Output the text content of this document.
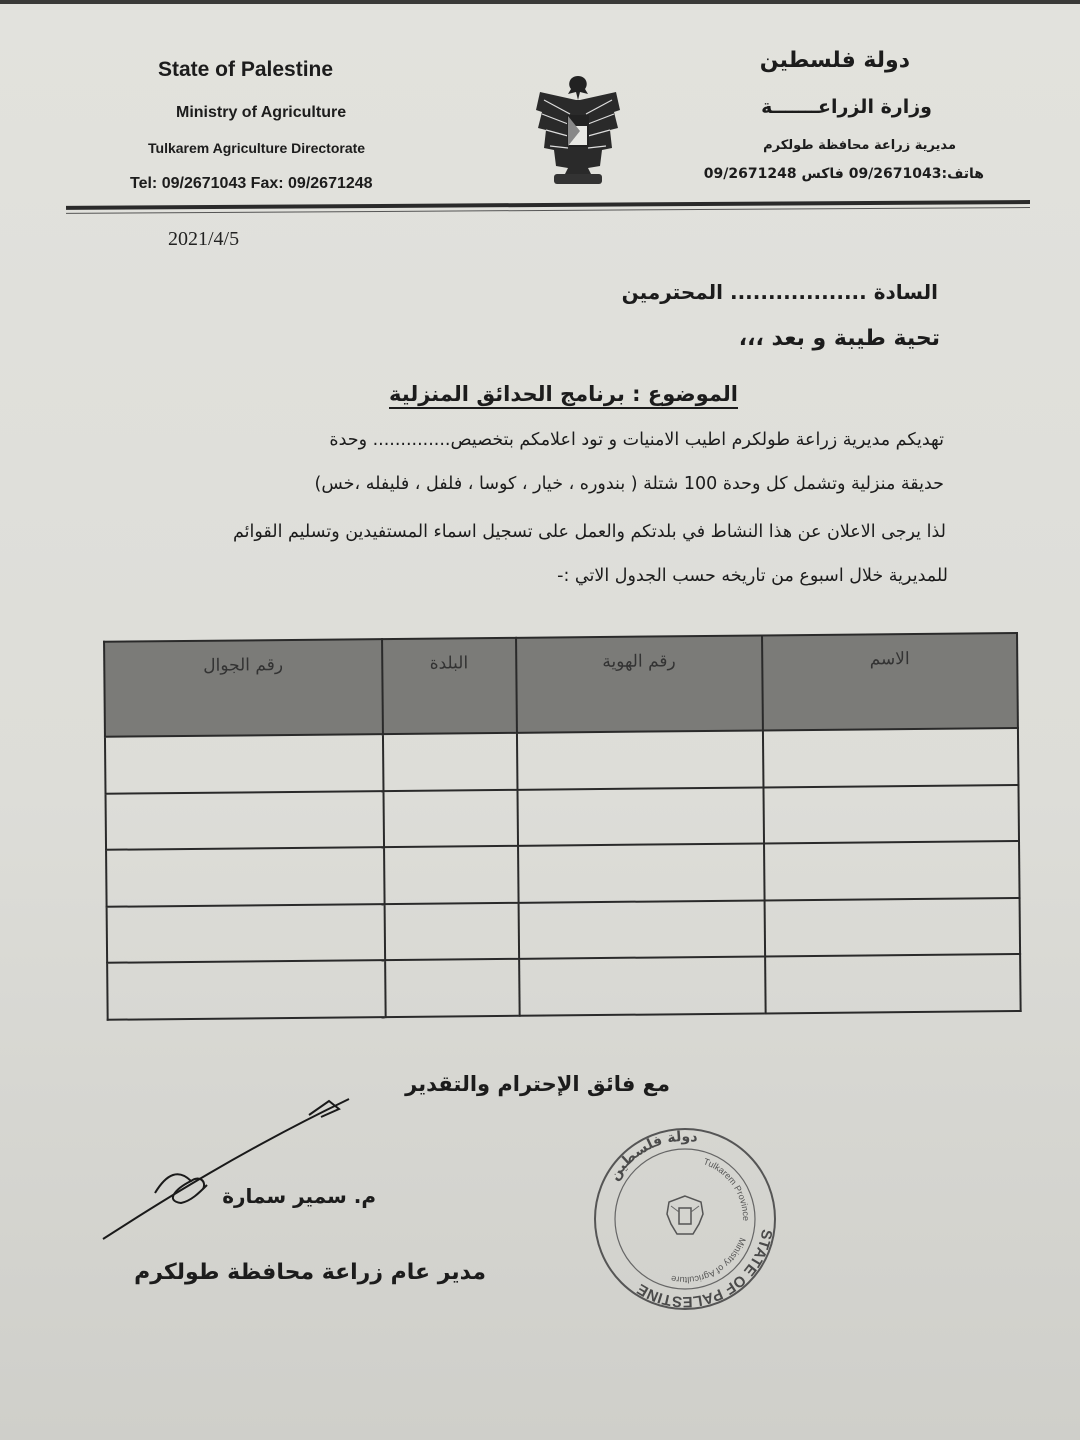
State of Palestine
Ministry of Agriculture
Tulkarem Agriculture Directorate
Tel: 09/2671043 Fax: 09/2671248
دولة فلسطين
وزارة الزراعـــــــة
مديرية زراعة محافظة طولكرم
هاتف:09/2671043 فاكس 09/2671248
2021/4/5
السادة .................. المحترمين
تحية طيبة و بعد ،،،
الموضوع : برنامج الحدائق المنزلية
تهديكم مديرية زراعة طولكرم اطيب الامنيات و تود اعلامكم بتخصيص.............. وحدة
حديقة منزلية وتشمل كل وحدة 100 شتلة ( بندوره ، خيار ، كوسا ، فلفل ، فليفله ،خس)
لذا يرجى الاعلان عن هذا النشاط في بلدتكم والعمل على تسجيل اسماء المستفيدين وتسليم القوائم
للمديرية خلال اسبوع من تاريخه حسب الجدول الاتي :-
الاسم	رقم الهوية	البلدة	رقم الجوال

مع فائق الإحترام والتقدير
م. سمير سمارة
مدير عام زراعة محافظة طولكرم
STATE OF PALESTINE
دولة فلسطين
Ministry of Agriculture
Tulkarem Province
